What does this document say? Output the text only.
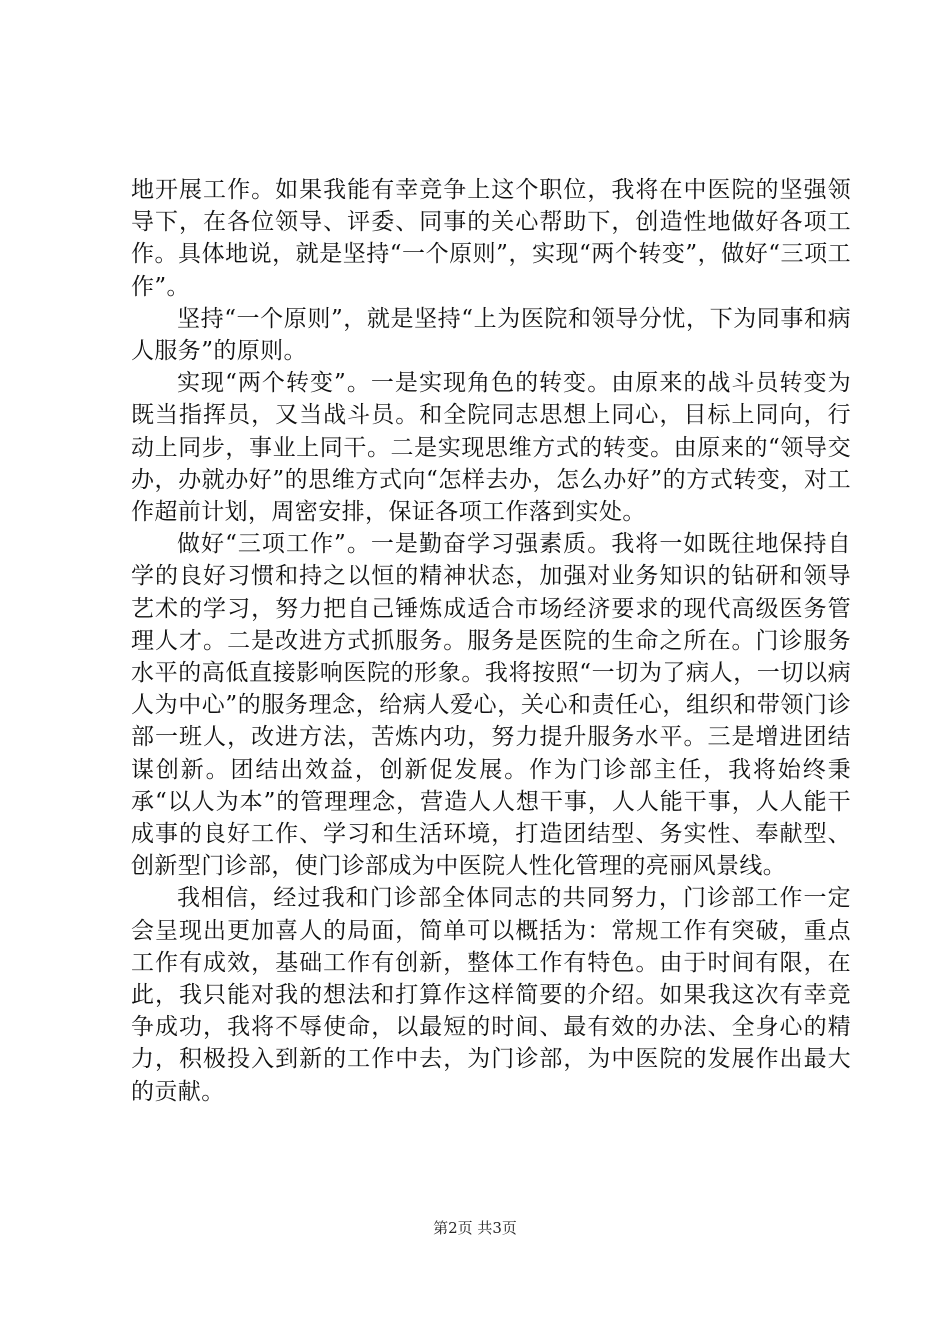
地开展工作。如果我能有幸竞争上这个职位，我将在中医院的坚强领导下，在各位领导、评委、同事的关心帮助下，创造性地做好各项工作。具体地说，就是坚持“一个原则”，实现“两个转变”，做好“三项工作”。

坚持“一个原则”，就是坚持“上为医院和领导分忧，下为同事和病人服务”的原则。

实现“两个转变”。一是实现角色的转变。由原来的战斗员转变为既当指挥员，又当战斗员。和全院同志思想上同心，目标上同向，行动上同步，事业上同干。二是实现思维方式的转变。由原来的“领导交办，办就办好”的思维方式向“怎样去办，怎么办好”的方式转变，对工作超前计划，周密安排，保证各项工作落到实处。

做好“三项工作”。一是勤奋学习强素质。我将一如既往地保持自学的良好习惯和持之以恒的精神状态，加强对业务知识的钻研和领导艺术的学习，努力把自己锤炼成适合市场经济要求的现代高级医务管理人才。二是改进方式抓服务。服务是医院的生命之所在。门诊服务水平的高低直接影响医院的形象。我将按照“一切为了病人，一切以病人为中心”的服务理念，给病人爱心，关心和责任心，组织和带领门诊部一班人，改进方法，苦炼内功，努力提升服务水平。三是增进团结谋创新。团结出效益，创新促发展。作为门诊部主任，我将始终秉承“以人为本”的管理理念，营造人人想干事，人人能干事，人人能干成事的良好工作、学习和生活环境，打造团结型、务实性、奉献型、创新型门诊部，使门诊部成为中医院人性化管理的亮丽风景线。

我相信，经过我和门诊部全体同志的共同努力，门诊部工作一定会呈现出更加喜人的局面，简单可以概括为：常规工作有突破，重点工作有成效，基础工作有创新，整体工作有特色。由于时间有限，在此，我只能对我的想法和打算作这样简要的介绍。如果我这次有幸竞争成功，我将不辱使命，以最短的时间、最有效的办法、全身心的精力，积极投入到新的工作中去，为门诊部，为中医院的发展作出最大的贡献。

第2页 共3页
